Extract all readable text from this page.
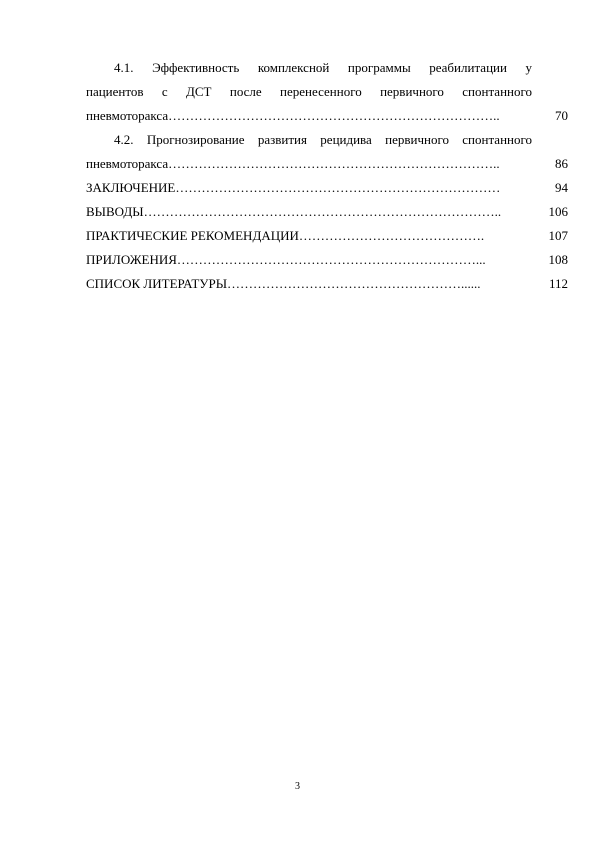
4.1. Эффективность комплексной программы реабилитации у
пациентов с ДСТ после перенесенного первичного спонтанного
пневмоторакса…………………………………………………………………..	70
4.2. Прогнозирование развития рецидива первичного спонтанного
пневмоторакса…………………………………………………………………..	86
ЗАКЛЮЧЕНИЕ…………………………………………………………………	94
ВЫВОДЫ………………………………………………………………………..	106
ПРАКТИЧЕСКИЕ РЕКОМЕНДАЦИИ…………………………………….	107
ПРИЛОЖЕНИЯ……………………………………………………………...	108
СПИСОК ЛИТЕРАТУРЫ………………………………………………......	112
3
